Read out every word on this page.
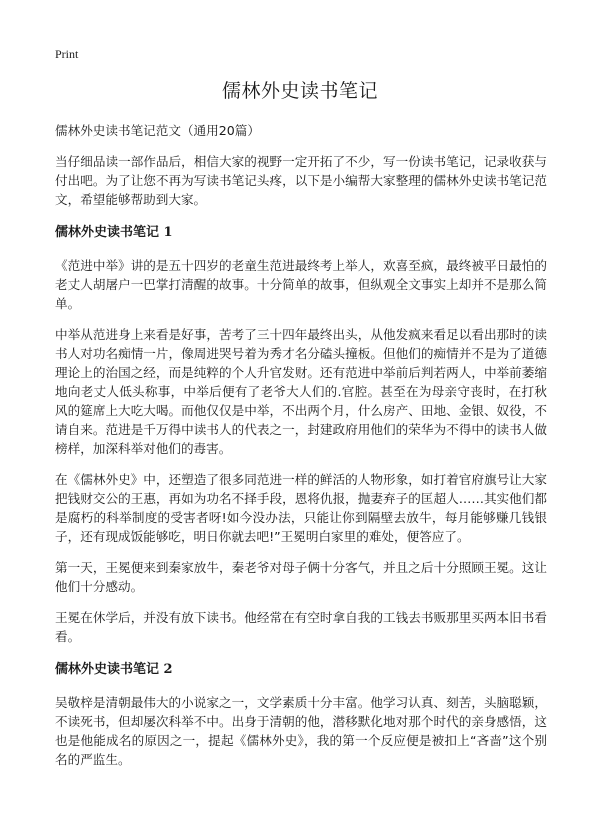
Print
儒林外史读书笔记
儒林外史读书笔记范文（通用20篇）

当仔细品读一部作品后，相信大家的视野一定开拓了不少，写一份读书笔记，记录收获与付出吧。为了让您不再为写读书笔记头疼，以下是小编帮大家整理的儒林外史读书笔记范文，希望能够帮助到大家。

儒林外史读书笔记 1

《范进中举》讲的是五十四岁的老童生范进最终考上举人，欢喜至疯，最终被平日最怕的老丈人胡屠户一巴掌打清醒的故事。十分简单的故事，但纵观全文事实上却并不是那么简单。

中举从范进身上来看是好事，苦考了三十四年最终出头，从他发疯来看足以看出那时的读书人对功名痴情一片，像周进哭号着为秀才名分磕头撞板。但他们的痴情并不是为了道德理论上的治国之经，而是纯粹的个人升官发财。还有范进中举前后判若两人，中举前萎缩地向老丈人低头称事，中举后便有了老爷大人们的.官腔。甚至在为母亲守丧时，在打秋风的筵席上大吃大喝。而他仅仅是中举，不出两个月，什么房产、田地、金银、奴役，不请自来。范进是千万得中读书人的代表之一，封建政府用他们的荣华为不得中的读书人做榜样，加深科举对他们的毒害。

在《儒林外史》中，还塑造了很多同范进一样的鲜活的人物形象，如打着官府旗号让大家把钱财交公的王惠，再如为功名不择手段，恩将仇报，抛妻弃子的匡超人……其实他们都是腐朽的科举制度的受害者呀!如今没办法，只能让你到隔壁去放牛，每月能够赚几钱银子，还有现成饭能够吃，明日你就去吧!”王冕明白家里的难处，便答应了。

第一天，王冕便来到秦家放牛，秦老爷对母子俩十分客气，并且之后十分照顾王冕。这让他们十分感动。

王冕在休学后，并没有放下读书。他经常在有空时拿自我的工钱去书贩那里买两本旧书看看。

儒林外史读书笔记 2

吴敬梓是清朝最伟大的小说家之一，文学素质十分丰富。他学习认真、刻苦，头脑聪颖，不读死书，但却屡次科举不中。出身于清朝的他，潜移默化地对那个时代的亲身感悟，这也是他能成名的原因之一，提起《儒林外史》，我的第一个反应便是被扣上“吝啬”这个别名的严监生。
